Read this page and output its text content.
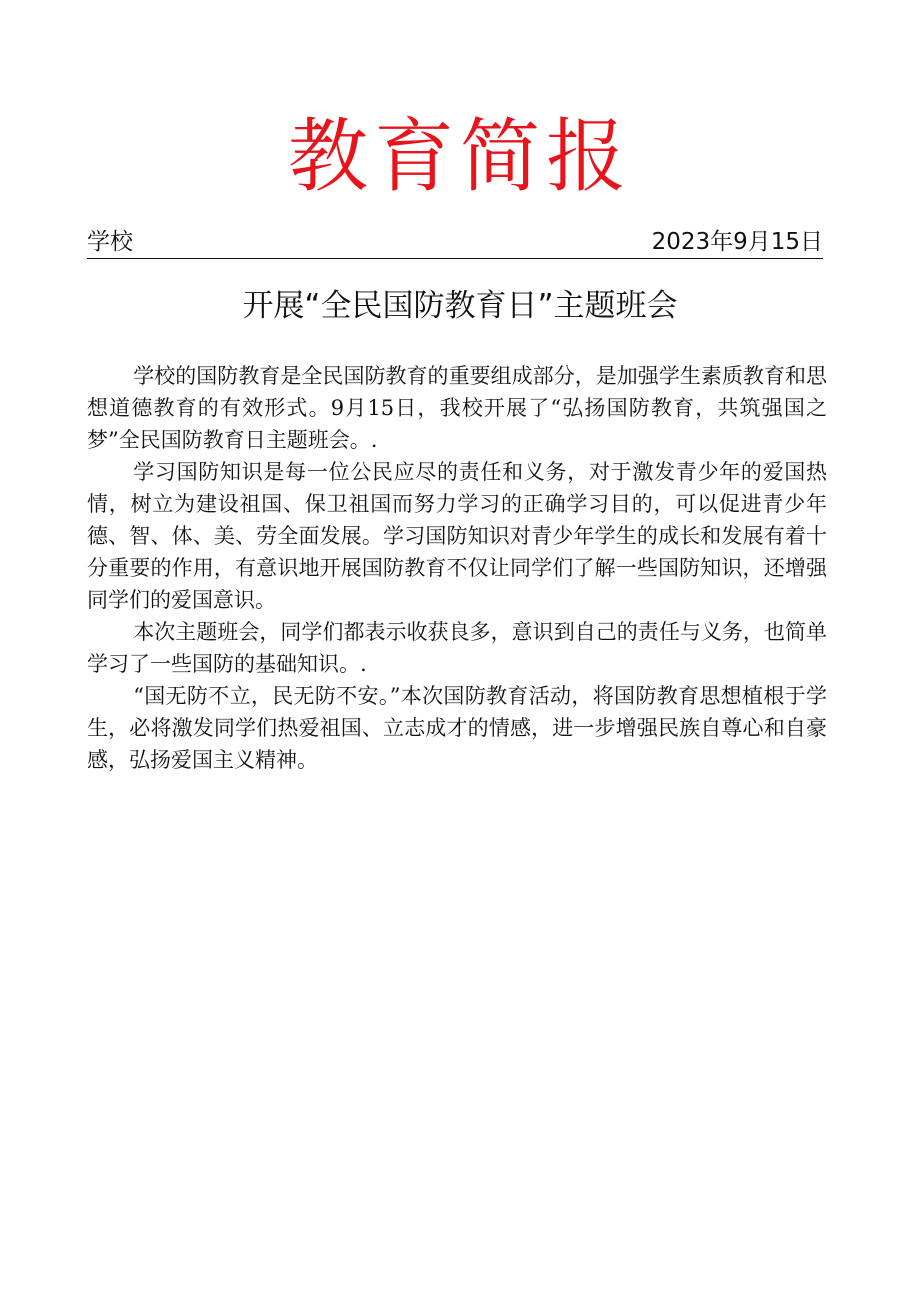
教育简报
学校	2023年9月15日
开展“全民国防教育日”主题班会

学校的国防教育是全民国防教育的重要组成部分，是加强学生素质教育和思想道德教育的有效形式。9月15日，我校开展了“弘扬国防教育，共筑强国之梦”全民国防教育日主题班会。.

学习国防知识是每一位公民应尽的责任和义务，对于激发青少年的爱国热情，树立为建设祖国、保卫祖国而努力学习的正确学习目的，可以促进青少年德、智、体、美、劳全面发展。学习国防知识对青少年学生的成长和发展有着十分重要的作用，有意识地开展国防教育不仅让同学们了解一些国防知识，还增强同学们的爱国意识。

本次主题班会，同学们都表示收获良多，意识到自己的责任与义务，也简单学习了一些国防的基础知识。.

“国无防不立，民无防不安。”本次国防教育活动，将国防教育思想植根于学生，必将激发同学们热爱祖国、立志成才的情感，进一步增强民族自尊心和自豪感，弘扬爱国主义精神。
